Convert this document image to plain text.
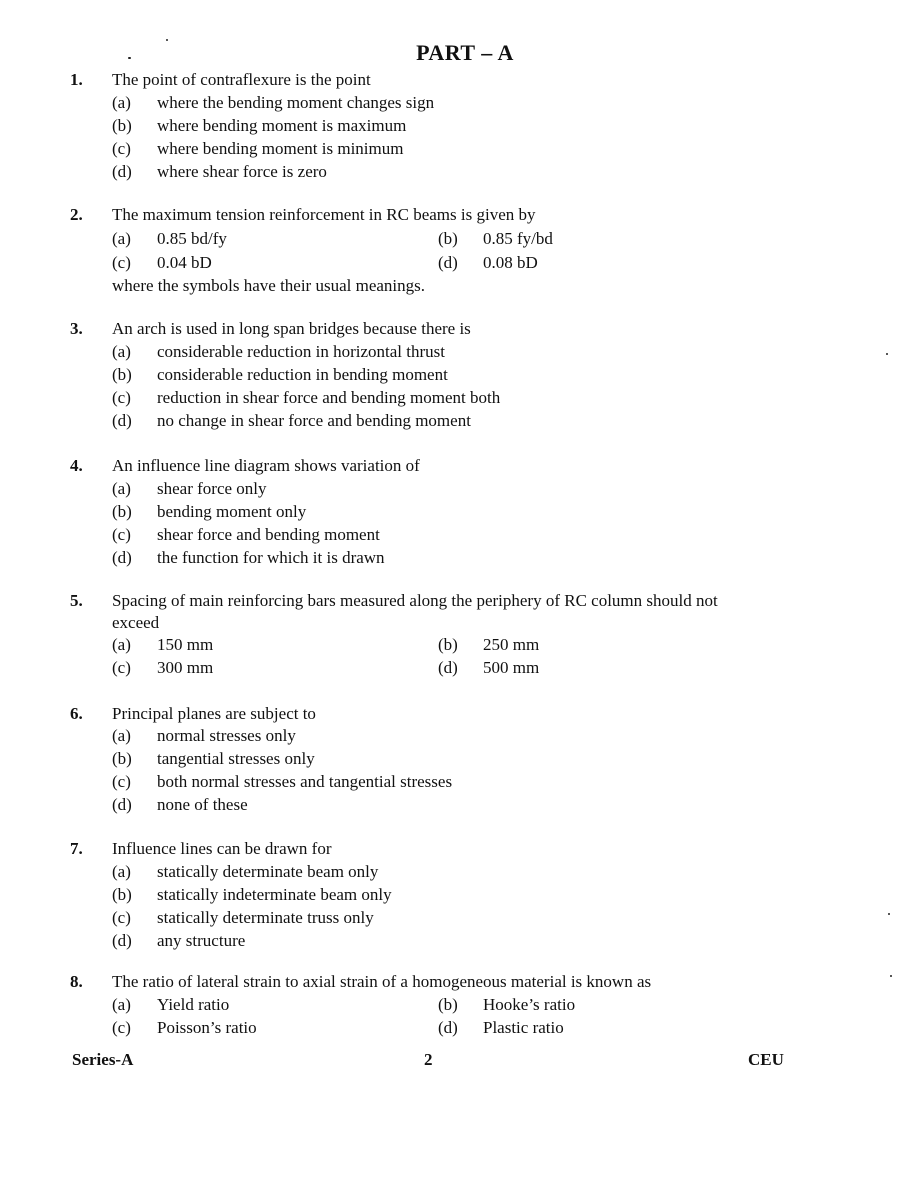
PART – A
1. The point of contraflexure is the point
(a) where the bending moment changes sign
(b) where bending moment is maximum
(c) where bending moment is minimum
(d) where shear force is zero
2. The maximum tension reinforcement in RC beams is given by
(a) 0.85 bd/fy	(b) 0.85 fy/bd
(c) 0.04 bD	(d) 0.08 bD
where the symbols have their usual meanings.
3. An arch is used in long span bridges because there is
(a) considerable reduction in horizontal thrust
(b) considerable reduction in bending moment
(c) reduction in shear force and bending moment both
(d) no change in shear force and bending moment
4. An influence line diagram shows variation of
(a) shear force only
(b) bending moment only
(c) shear force and bending moment
(d) the function for which it is drawn
5. Spacing of main reinforcing bars measured along the periphery of RC column should not
exceed
(a) 150 mm	(b) 250 mm
(c) 300 mm	(d) 500 mm
6. Principal planes are subject to
(a) normal stresses only
(b) tangential stresses only
(c) both normal stresses and tangential stresses
(d) none of these
7. Influence lines can be drawn for
(a) statically determinate beam only
(b) statically indeterminate beam only
(c) statically determinate truss only
(d) any structure
8. The ratio of lateral strain to axial strain of a homogeneous material is known as
(a) Yield ratio	(b) Hooke’s ratio
(c) Poisson’s ratio	(d) Plastic ratio
Series-A	2	CEU
